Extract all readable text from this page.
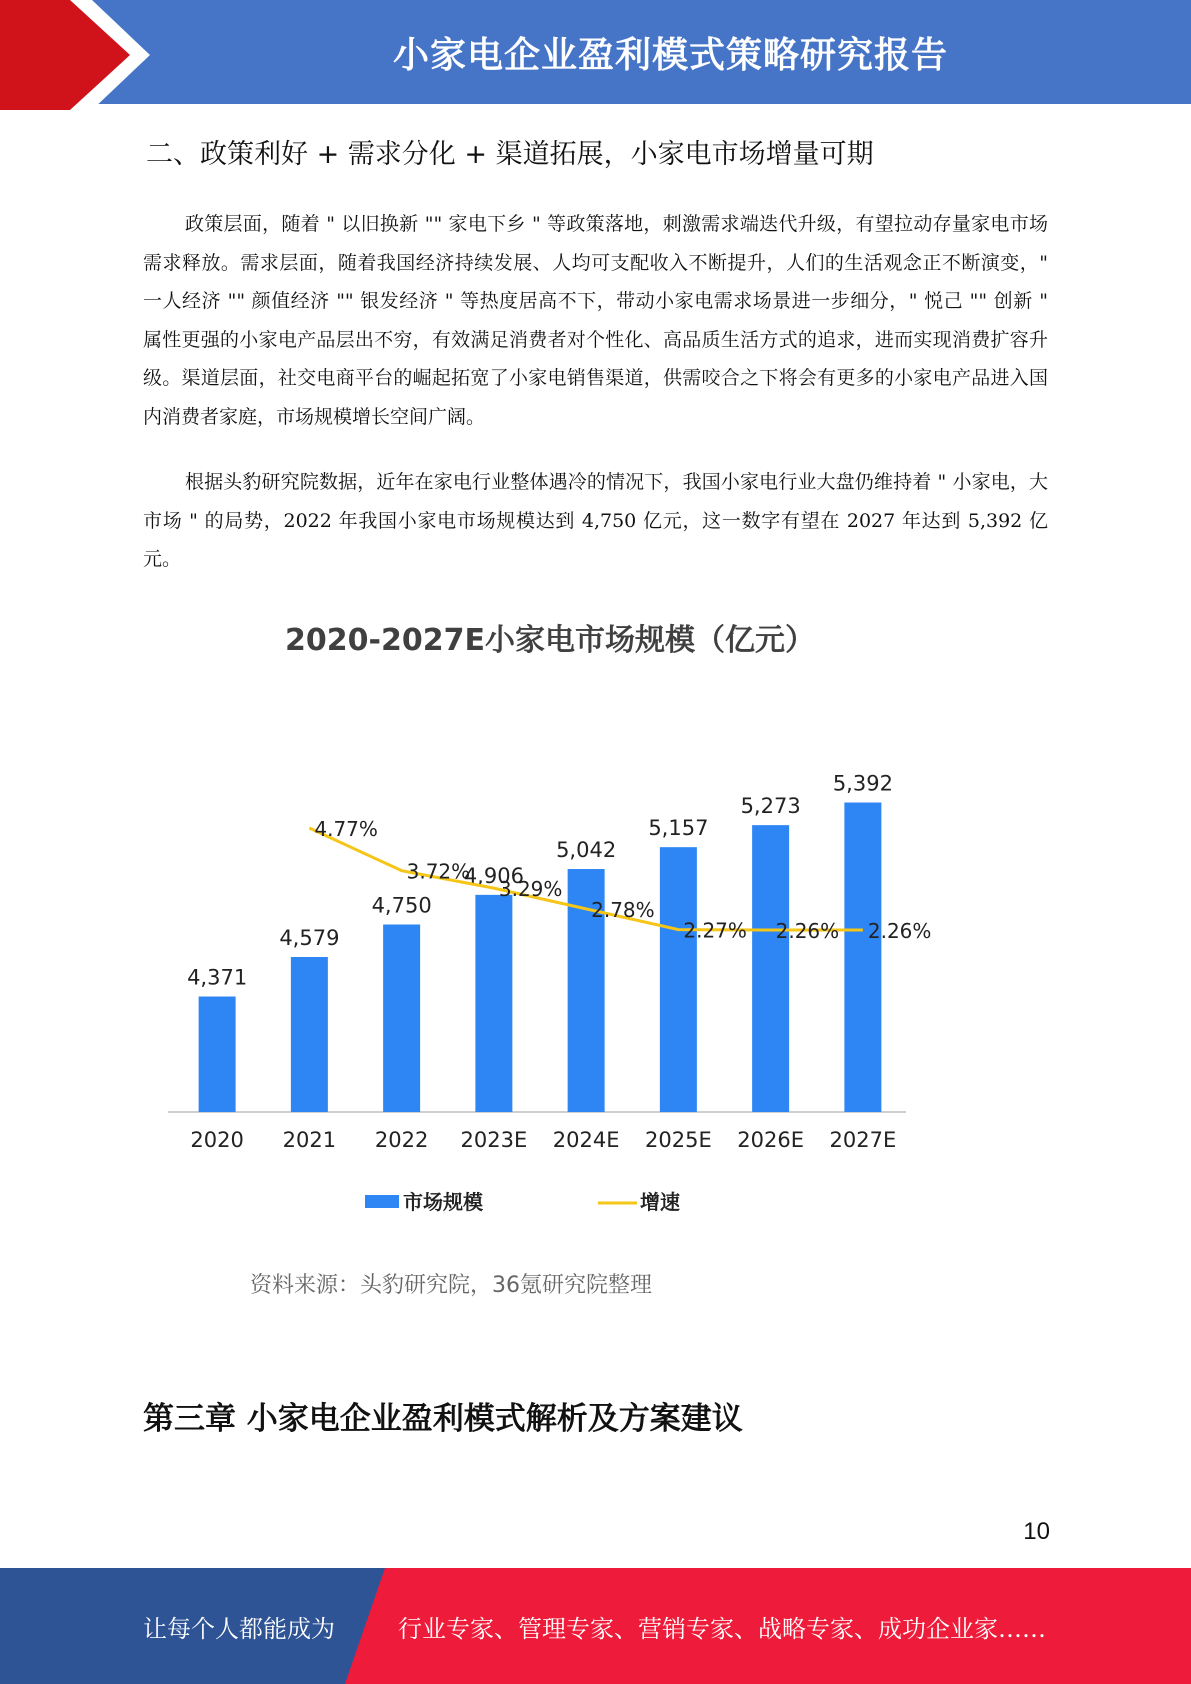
小家电企业盈利模式策略研究报告
二、政策利好 + 需求分化 + 渠道拓展，小家电市场增量可期

政策层面，随着 " 以旧换新 "" 家电下乡 " 等政策落地，刺激需求端迭代升级，有望拉动存量家电市场需求释放。需求层面，随着我国经济持续发展、人均可支配收入不断提升，人们的生活观念正不断演变，" 一人经济 "" 颜值经济 "" 银发经济 " 等热度居高不下，带动小家电需求场景进一步细分，" 悦己 "" 创新 " 属性更强的小家电产品层出不穷，有效满足消费者对个性化、高品质生活方式的追求，进而实现消费扩容升级。渠道层面，社交电商平台的崛起拓宽了小家电销售渠道，供需咬合之下将会有更多的小家电产品进入国内消费者家庭，市场规模增长空间广阔。

根据头豹研究院数据，近年在家电行业整体遇冷的情况下，我国小家电行业大盘仍维持着 " 小家电，大市场 " 的局势，2022 年我国小家电市场规模达到 4,750 亿元，这一数字有望在 2027 年达到 5,392 亿元。

2020-2027E小家电市场规模（亿元）
4,371
2020
4,579
2021
4,750
2022
4,906
2023E
5,042
2024E
5,157
2025E
5,273
2026E
5,392
2027E
4.77%
3.72%
3.29%
2.78%
2.27% 2.26% 2.26%
市场规模	增速
资料来源：头豹研究院，36氪研究院整理
第三章 小家电企业盈利模式解析及方案建议
10
让每个人都能成为	行业专家、管理专家、营销专家、战略专家、成功企业家……
